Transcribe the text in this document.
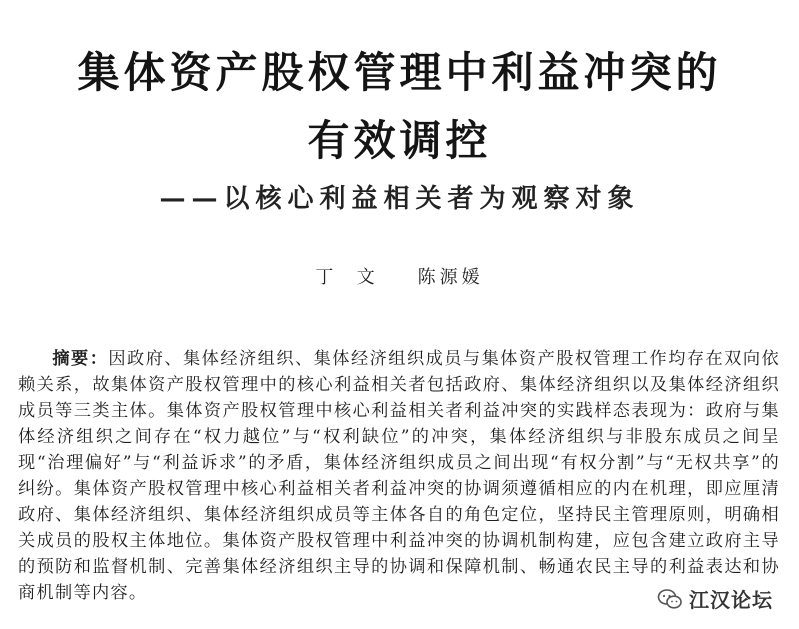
集体资产股权管理中利益冲突的
有效调控
——以核心利益相关者为观察对象

丁  文    陈源媛

摘要：因政府、集体经济组织、集体经济组织成员与集体资产股权管理工作均存在双向依赖关系，故集体资产股权管理中的核心利益相关者包括政府、集体经济组织以及集体经济组织成员等三类主体。集体资产股权管理中核心利益相关者利益冲突的实践样态表现为：政府与集体经济组织之间存在“权力越位”与“权利缺位”的冲突，集体经济组织与非股东成员之间呈现“治理偏好”与“利益诉求”的矛盾，集体经济组织成员之间出现“有权分割”与“无权共享”的纠纷。集体资产股权管理中核心利益相关者利益冲突的协调须遵循相应的内在机理，即应厘清政府、集体经济组织、集体经济组织成员等主体各自的角色定位，坚持民主管理原则，明确相关成员的股权主体地位。集体资产股权管理中利益冲突的协调机制构建，应包含建立政府主导的预防和监督机制、完善集体经济组织主导的协调和保障机制、畅通农民主导的利益表达和协商机制等内容。	江汉论坛
